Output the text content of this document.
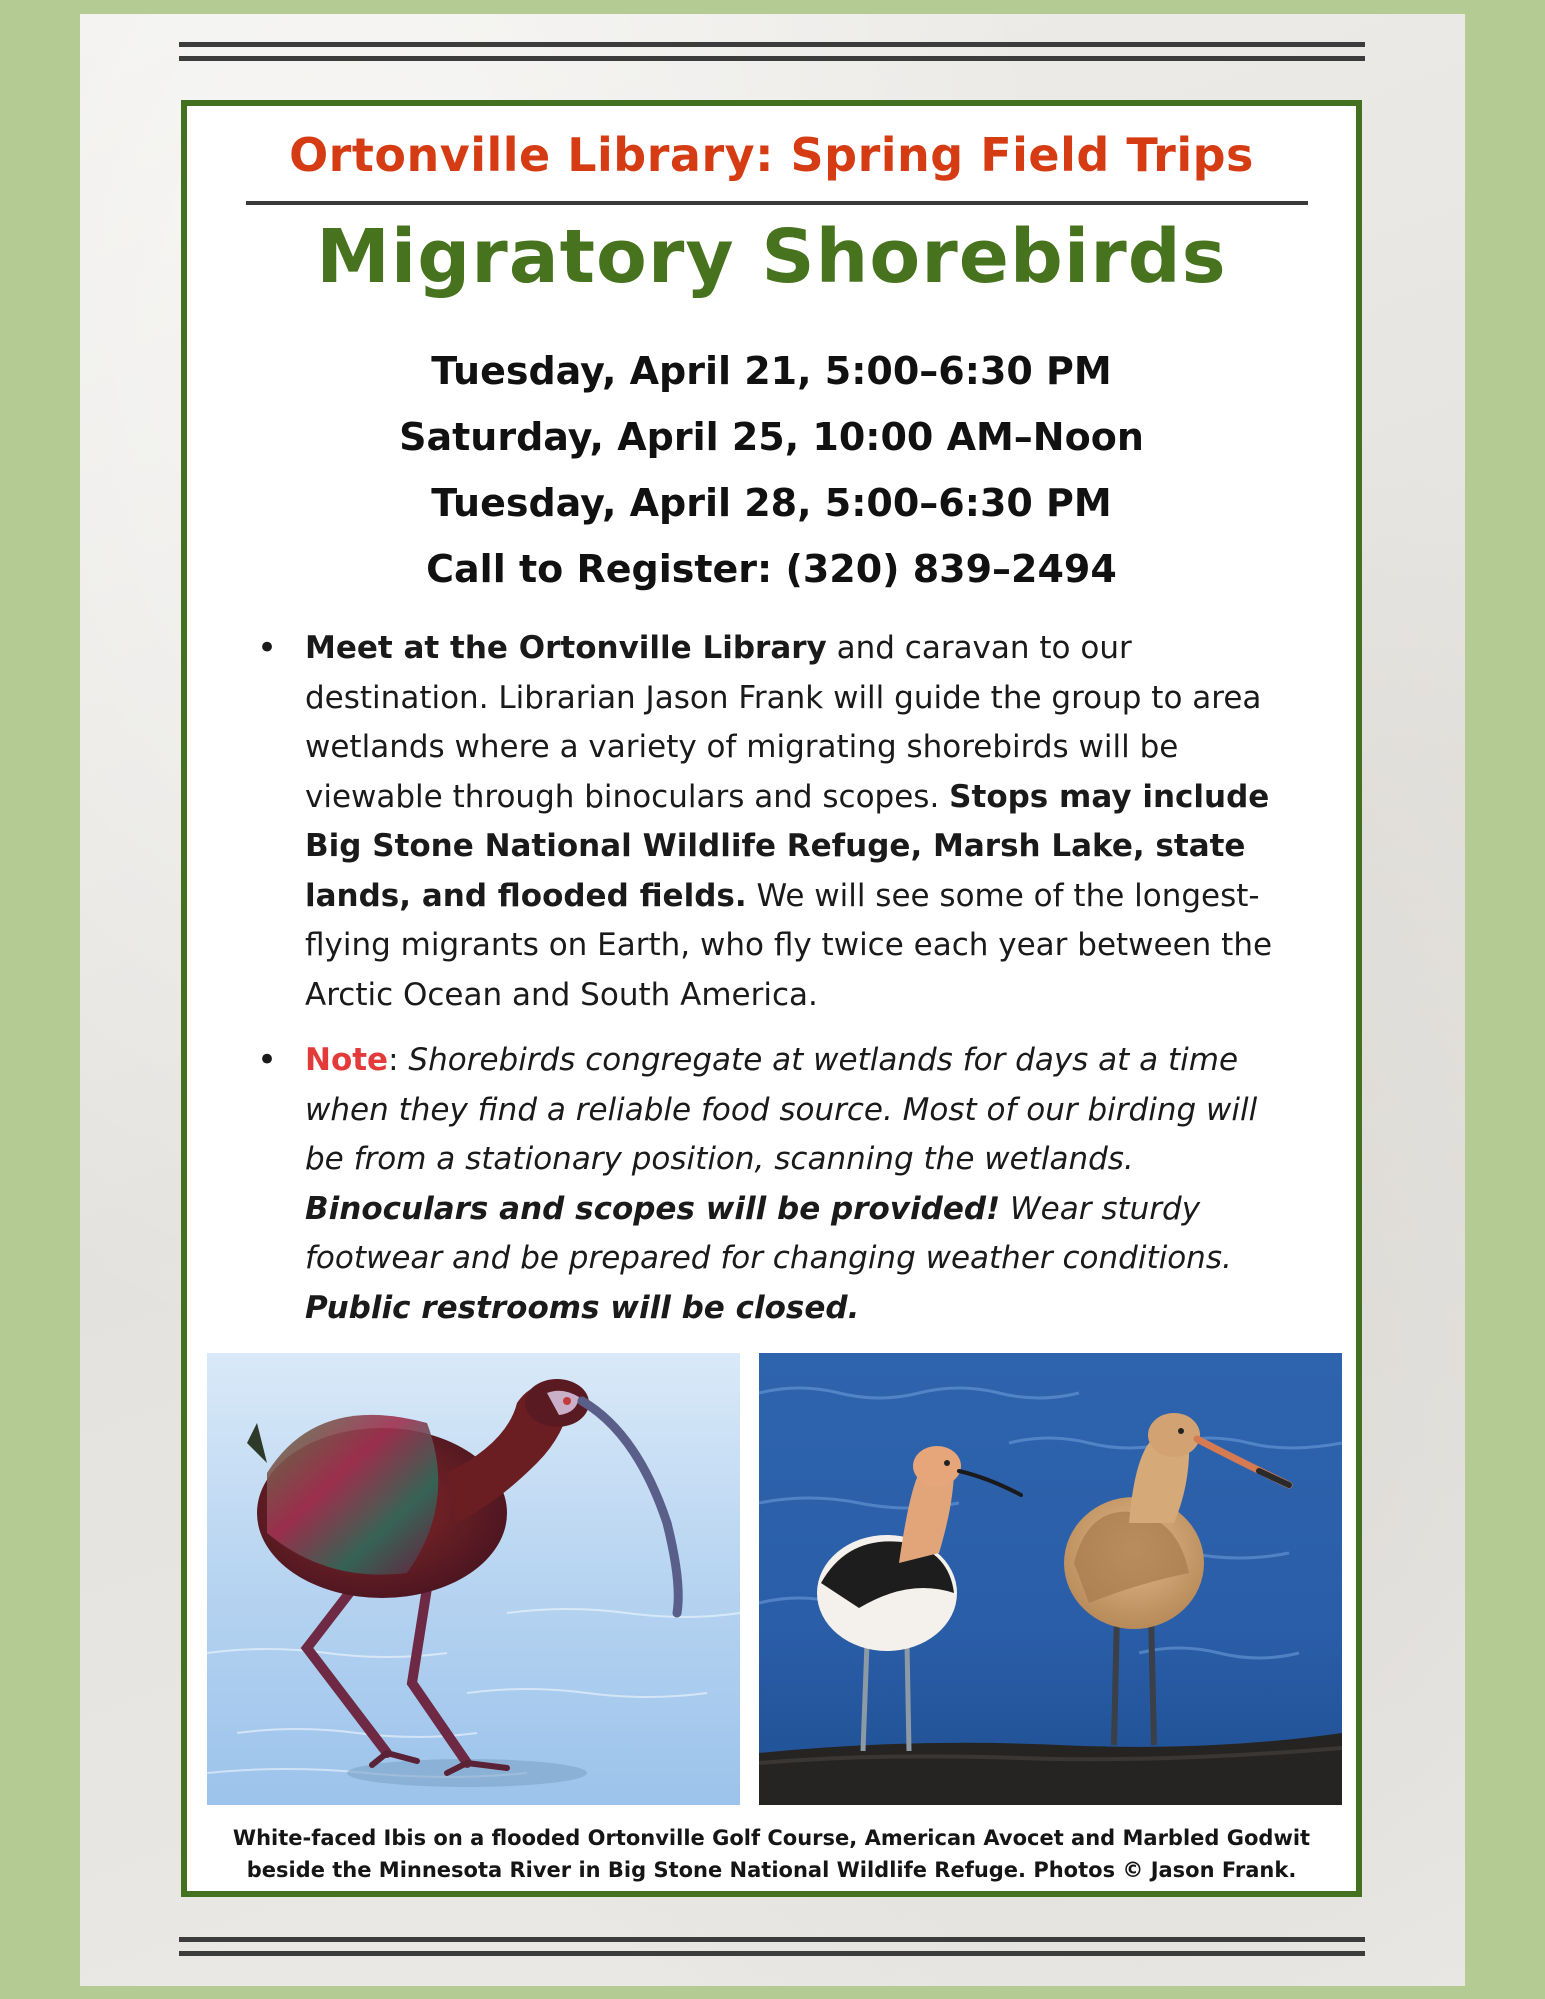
Ortonville Library: Spring Field Trips
Migratory Shorebirds
Tuesday, April 21, 5:00–6:30 PM
Saturday, April 25, 10:00 AM–Noon
Tuesday, April 28, 5:00–6:30 PM
Call to Register: (320) 839–2494
• Meet at the Ortonville Library and caravan to our destination. Librarian Jason Frank will guide the group to area wetlands where a variety of migrating shorebirds will be viewable through binoculars and scopes. Stops may include Big Stone National Wildlife Refuge, Marsh Lake, state lands, and flooded fields. We will see some of the longest-flying migrants on Earth, who fly twice each year between the Arctic Ocean and South America.
• Note: Shorebirds congregate at wetlands for days at a time when they find a reliable food source. Most of our birding will be from a stationary position, scanning the wetlands. Binoculars and scopes will be provided! Wear sturdy footwear and be prepared for changing weather conditions. Public restrooms will be closed.
White-faced Ibis on a flooded Ortonville Golf Course, American Avocet and Marbled Godwit
beside the Minnesota River in Big Stone National Wildlife Refuge. Photos © Jason Frank.
